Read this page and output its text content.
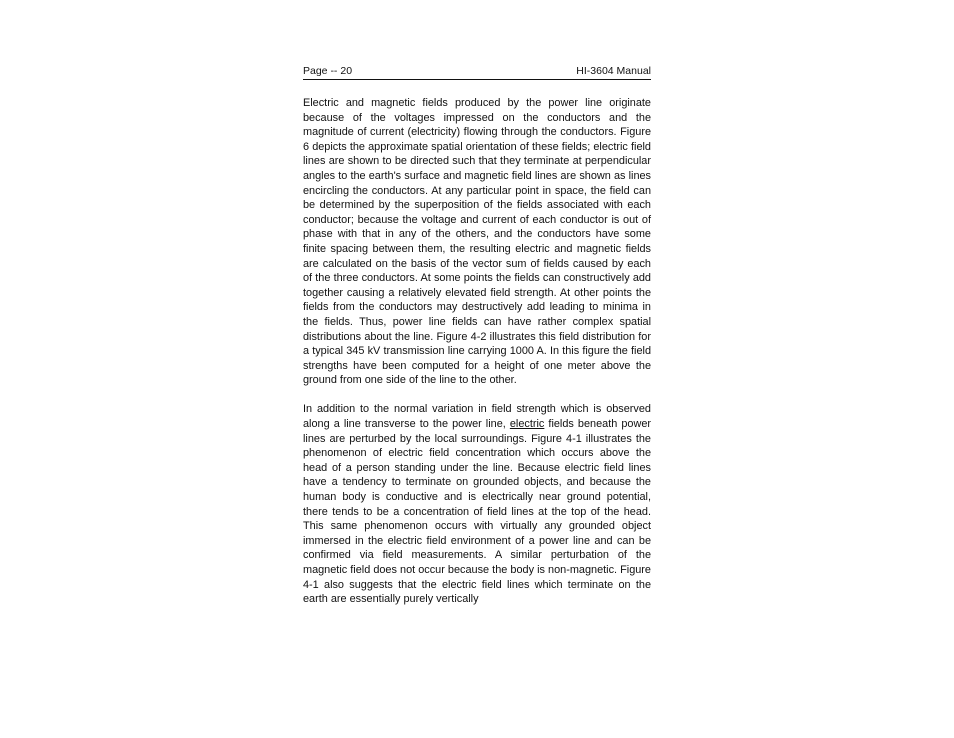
Page -- 20	HI-3604 Manual

Electric and magnetic fields produced by the power line originate because of the voltages impressed on the conductors and the magnitude of current (electricity) flowing through the conductors. Figure 6 depicts the approximate spatial orientation of these fields; electric field lines are shown to be directed such that they terminate at perpendicular angles to the earth's surface and magnetic field lines are shown as lines encircling the conductors. At any particular point in space, the field can be determined by the superposition of the fields associated with each conductor; because the voltage and current of each conductor is out of phase with that in any of the others, and the conductors have some finite spacing between them, the resulting electric and magnetic fields are calculated on the basis of the vector sum of fields caused by each of the three conductors. At some points the fields can constructively add together causing a relatively elevated field strength. At other points the fields from the conductors may destructively add leading to minima in the fields. Thus, power line fields can have rather complex spatial distributions about the line. Figure 4-2 illustrates this field distribution for a typical 345 kV transmission line carrying 1000 A. In this figure the field strengths have been computed for a height of one meter above the ground from one side of the line to the other.

In addition to the normal variation in field strength which is observed along a line transverse to the power line, electric fields beneath power lines are perturbed by the local surroundings. Figure 4-1 illustrates the phenomenon of electric field concentration which occurs above the head of a person standing under the line. Because electric field lines have a tendency to terminate on grounded objects, and because the human body is conductive and is electrically near ground potential, there tends to be a concentration of field lines at the top of the head. This same phenomenon occurs with virtually any grounded object immersed in the electric field environment of a power line and can be confirmed via field measurements. A similar perturbation of the magnetic field does not occur because the body is non-magnetic. Figure 4-1 also suggests that the electric field lines which terminate on the earth are essentially purely vertically
